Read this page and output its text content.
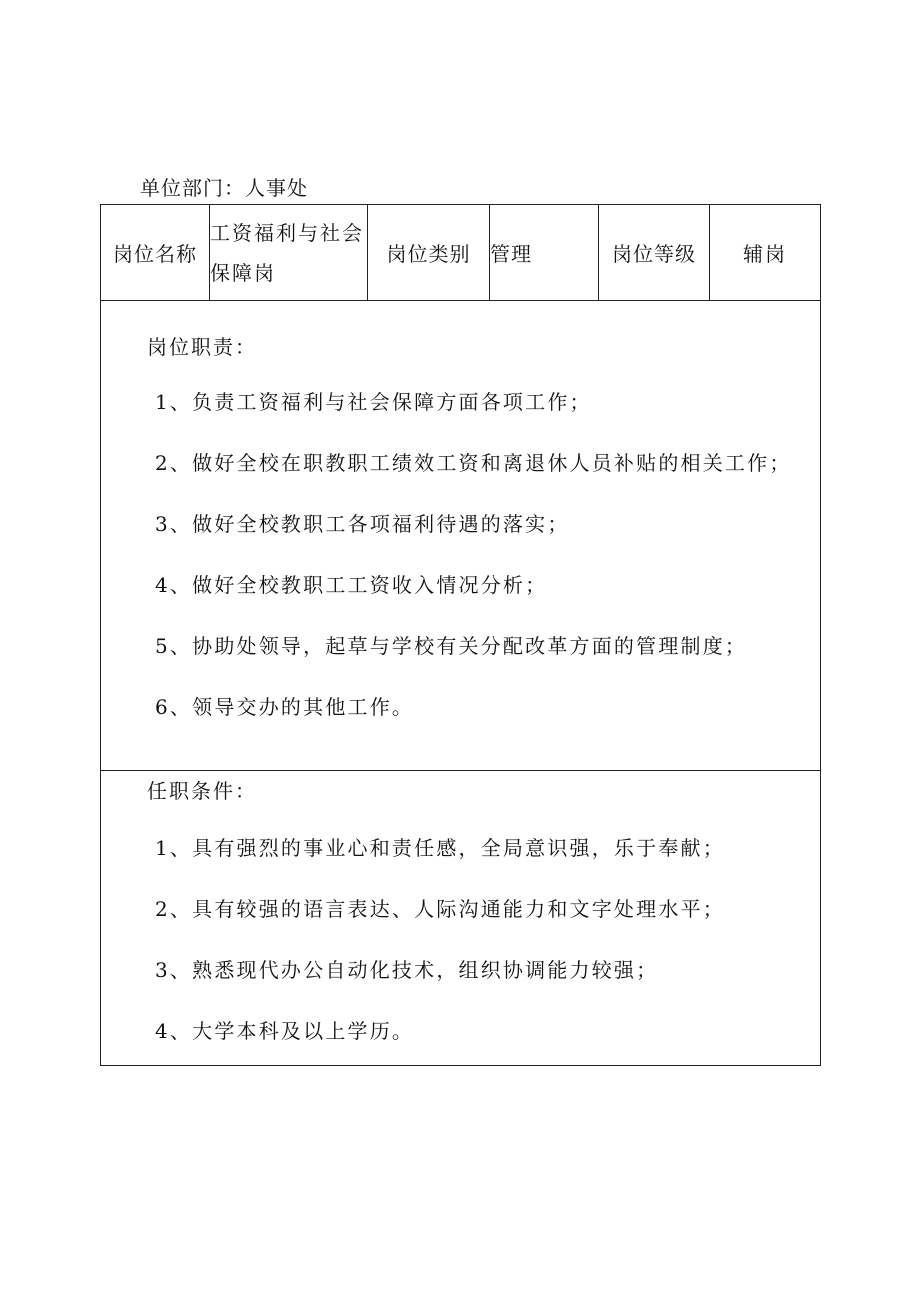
单位部门：人事处
岗位名称	工资福利与社会保障岗	岗位类别	管理	岗位等级	辅岗

岗位职责：
1、负责工资福利与社会保障方面各项工作；
2、做好全校在职教职工绩效工资和离退休人员补贴的相关工作；
3、做好全校教职工各项福利待遇的落实；
4、做好全校教职工工资收入情况分析；
5、协助处领导，起草与学校有关分配改革方面的管理制度；
6、领导交办的其他工作。

任职条件：
1、具有强烈的事业心和责任感，全局意识强，乐于奉献；
2、具有较强的语言表达、人际沟通能力和文字处理水平；
3、熟悉现代办公自动化技术，组织协调能力较强；
4、大学本科及以上学历。
